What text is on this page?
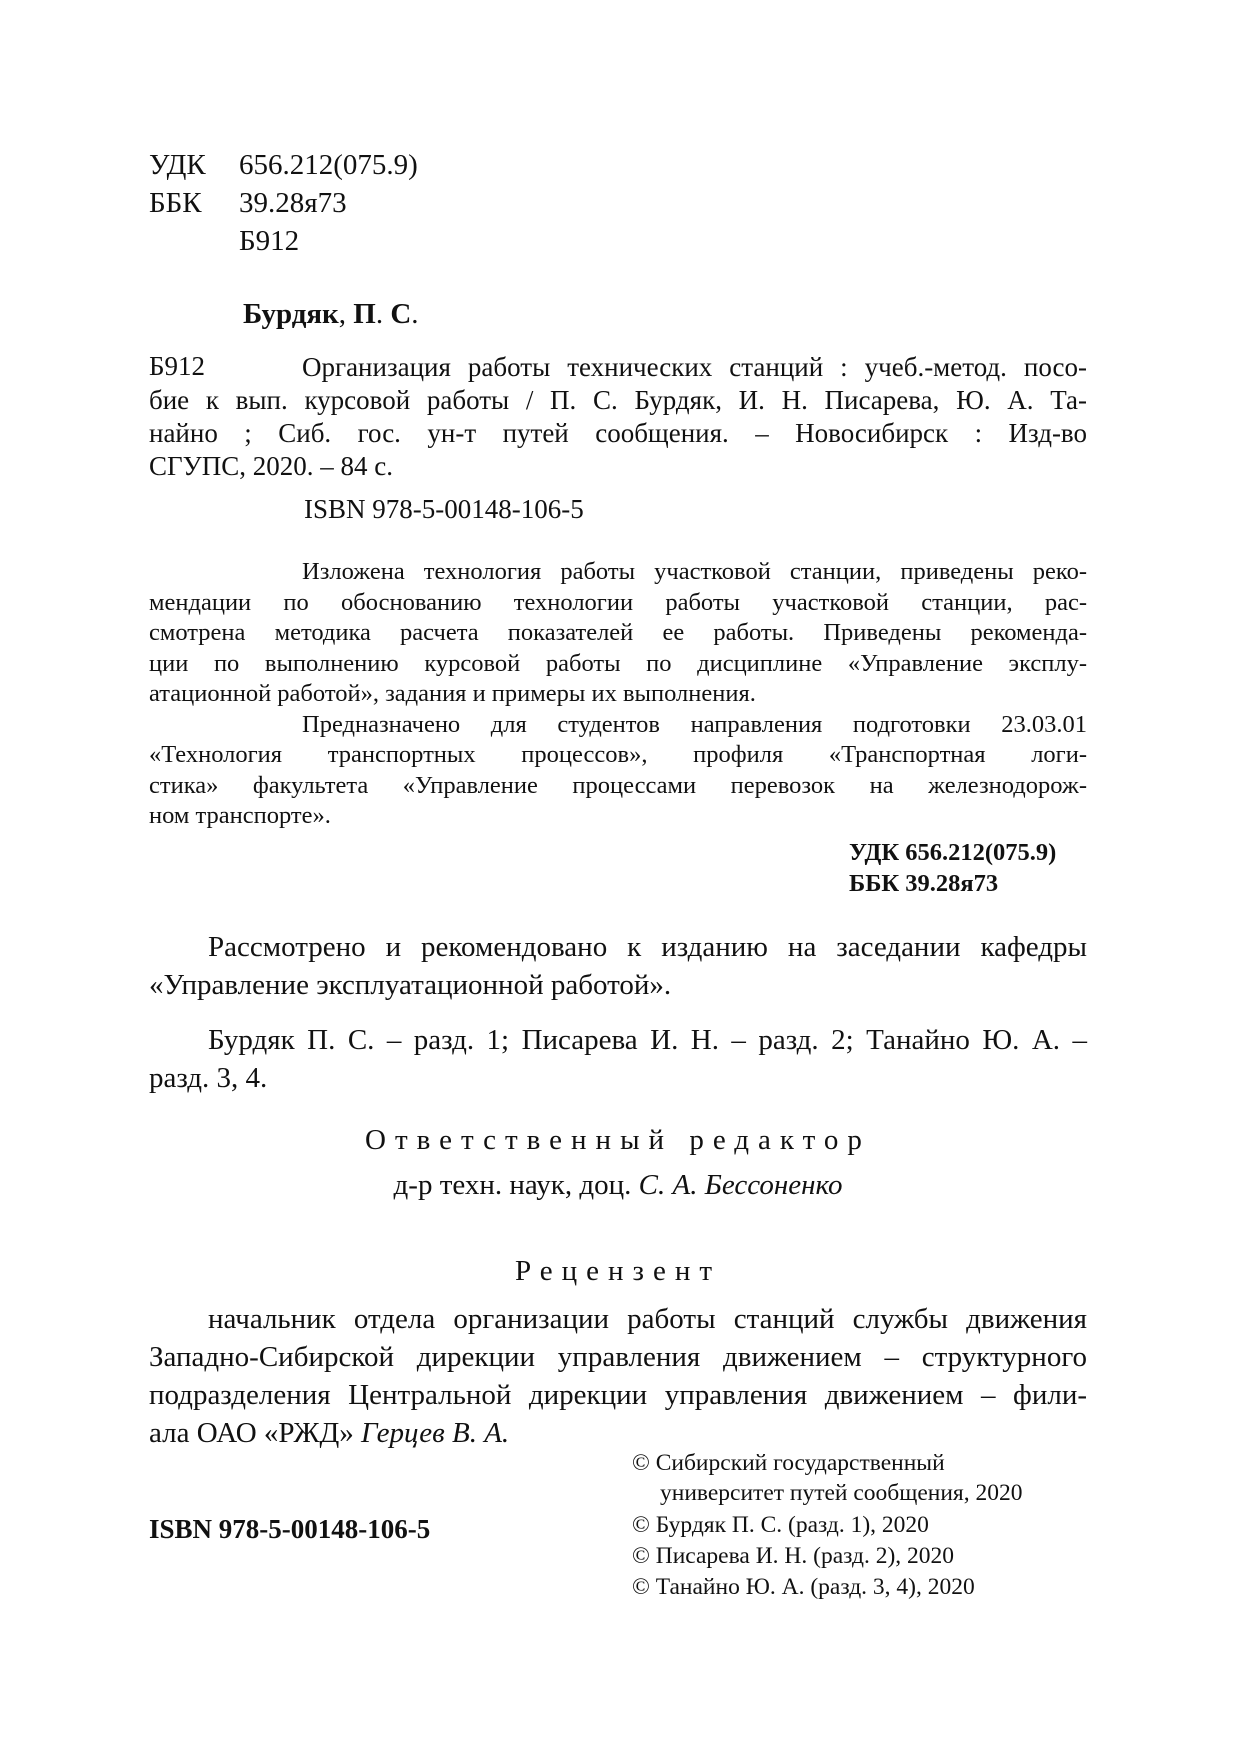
УДК 656.212(075.9)
ББК 39.28я73
Б912
Бурдяк, П. С.
Б912	Организация работы технических станций : учеб.-метод. посо-
бие к вып. курсовой работы / П. С. Бурдяк, И. Н. Писарева, Ю. А. Та-
найно ; Сиб. гос. ун-т путей сообщения. – Новосибирск : Изд-во
СГУПС, 2020. – 84 с.
ISBN 978-5-00148-106-5
Изложена технология работы участковой станции, приведены реко-
мендации по обоснованию технологии работы участковой станции, рас-
смотрена методика расчета показателей ее работы. Приведены рекоменда-
ции по выполнению курсовой работы по дисциплине «Управление эксплу-
атационной работой», задания и примеры их выполнения.
Предназначено для студентов направления подготовки 23.03.01
«Технология транспортных процессов», профиля «Транспортная логи-
стика» факультета «Управление процессами перевозок на железнодорож-
ном транспорте».
УДК 656.212(075.9)
ББК 39.28я73
Рассмотрено и рекомендовано к изданию на заседании кафедры
«Управление эксплуатационной работой».
Бурдяк П. С. – разд. 1; Писарева И. Н. – разд. 2; Танайно Ю. А. –
разд. 3, 4.
Ответственный редактор
д-р техн. наук, доц. С. А. Бессоненко
Рецензент
начальник отдела организации работы станций службы движения
Западно-Сибирской дирекции управления движением – структурного
подразделения Центральной дирекции управления движением – фили-
ала ОАО «РЖД» Герцев В. А.
ISBN 978-5-00148-106-5
© Сибирский государственный
университет путей сообщения, 2020
© Бурдяк П. С. (разд. 1), 2020
© Писарева И. Н. (разд. 2), 2020
© Танайно Ю. А. (разд. 3, 4), 2020
